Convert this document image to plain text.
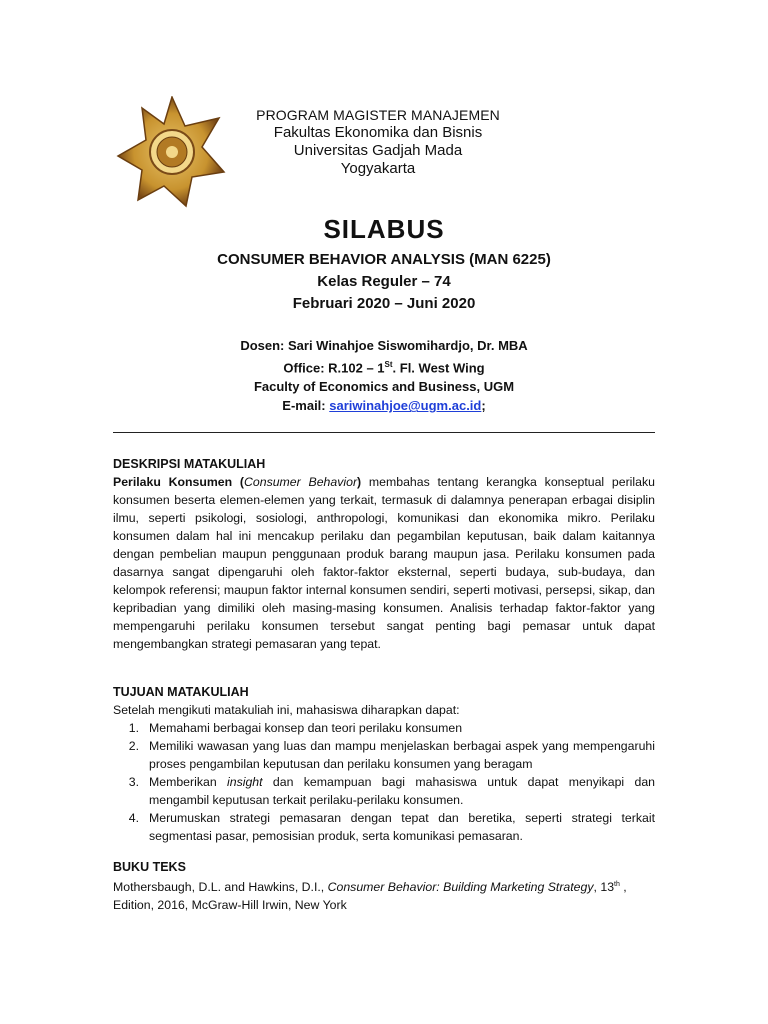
PROGRAM MAGISTER MANAJEMEN
Fakultas Ekonomika dan Bisnis
Universitas Gadjah Mada
Yogyakarta
SILABUS
CONSUMER BEHAVIOR ANALYSIS (MAN 6225)
Kelas Reguler – 74
Februari 2020 – Juni 2020
Dosen: Sari Winahjoe Siswomihardjo, Dr. MBA
Office: R.102 – 1St. Fl. West Wing
Faculty of Economics and Business, UGM
E-mail: sariwinahjoe@ugm.ac.id;
DESKRIPSI MATAKULIAH
Perilaku Konsumen (Consumer Behavior) membahas tentang kerangka konseptual perilaku konsumen beserta elemen-elemen yang terkait, termasuk di dalamnya penerapan erbagai disiplin ilmu, seperti psikologi, sosiologi, anthropologi, komunikasi dan ekonomika mikro. Perilaku konsumen dalam hal ini mencakup perilaku dan pegambilan keputusan, baik dalam kaitannya dengan pembelian maupun penggunaan produk barang maupun jasa. Perilaku konsumen pada dasarnya sangat dipengaruhi oleh faktor-faktor eksternal, seperti budaya, sub-budaya, dan kelompok referensi; maupun faktor internal konsumen sendiri, seperti motivasi, persepsi, sikap, dan kepribadian yang dimiliki oleh masing-masing konsumen. Analisis terhadap faktor-faktor yang mempengaruhi perilaku konsumen tersebut sangat penting bagi pemasar untuk dapat mengembangkan strategi pemasaran yang tepat.
TUJUAN MATAKULIAH
Setelah mengikuti matakuliah ini, mahasiswa diharapkan dapat:
1. Memahami berbagai konsep dan teori perilaku konsumen
2. Memiliki wawasan yang luas dan mampu menjelaskan berbagai aspek yang mempengaruhi proses pengambilan keputusan dan perilaku konsumen yang beragam
3. Memberikan insight dan kemampuan bagi mahasiswa untuk dapat menyikapi dan mengambil keputusan terkait perilaku-perilaku konsumen.
4. Merumuskan strategi pemasaran dengan tepat dan beretika, seperti strategi terkait segmentasi pasar, pemosisian produk, serta komunikasi pemasaran.
BUKU TEKS
Mothersbaugh, D.L. and Hawkins, D.I., Consumer Behavior: Building Marketing Strategy, 13th , Edition, 2016, McGraw-Hill Irwin, New York
